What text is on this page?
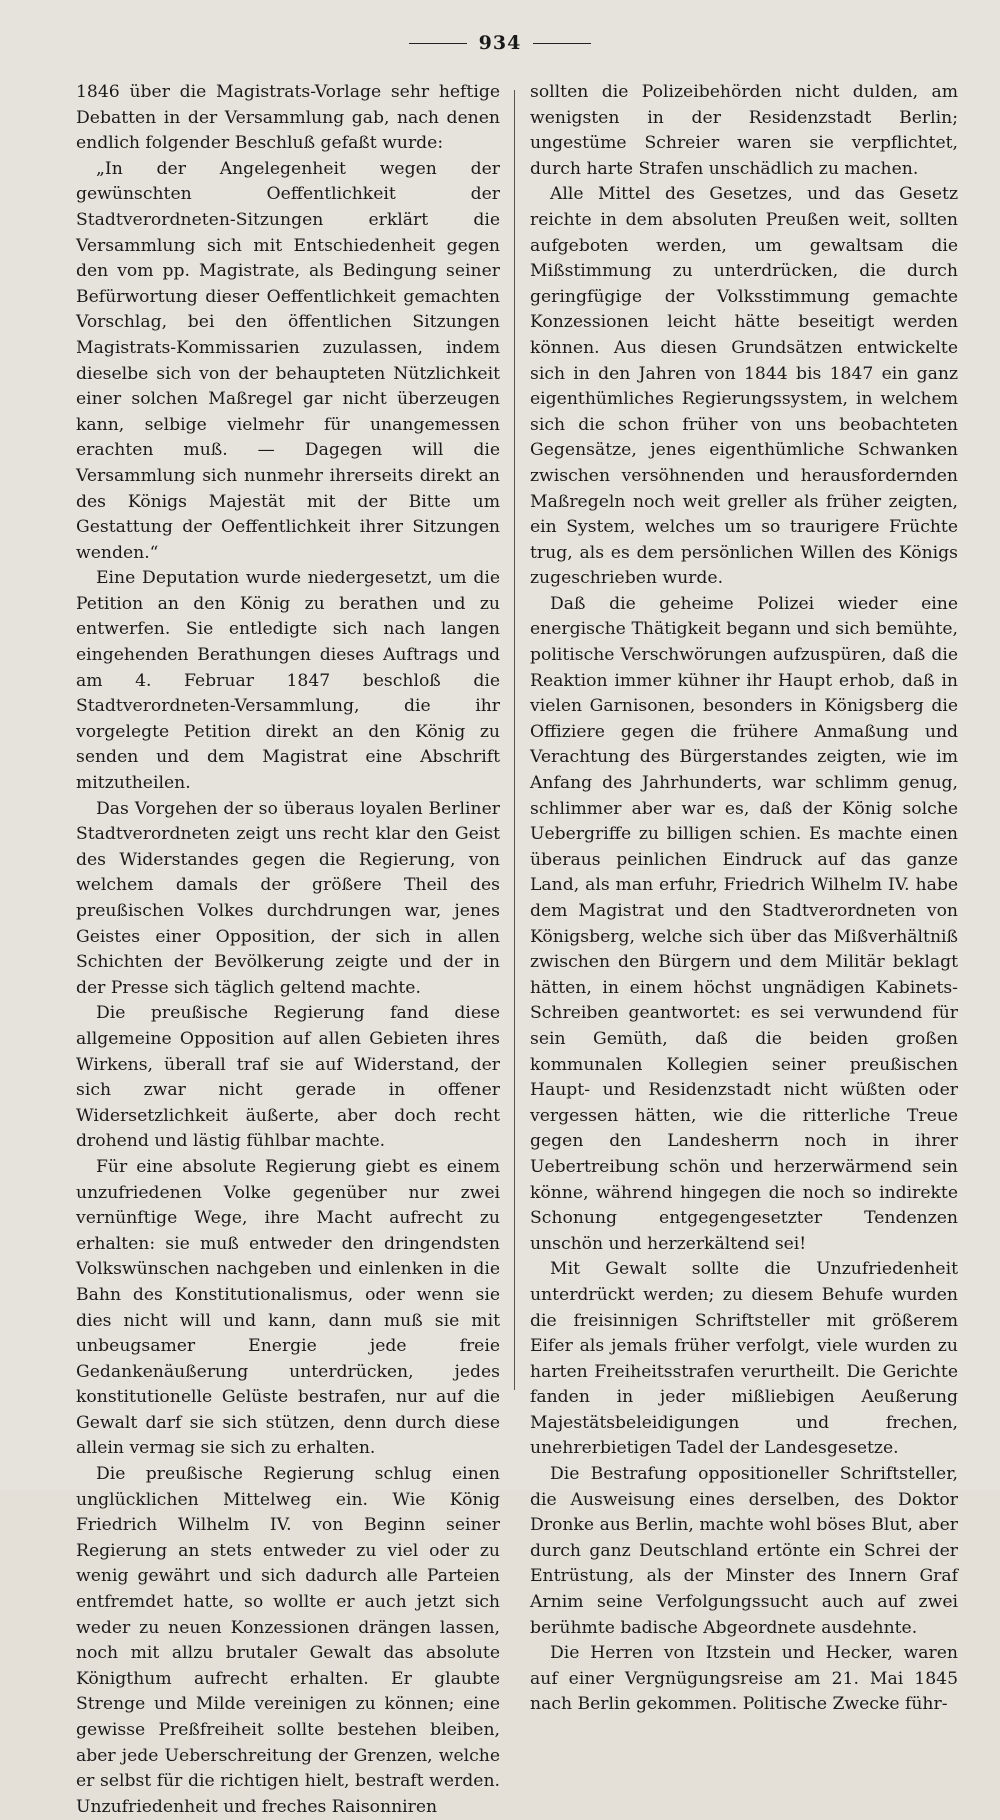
934

1846 über die Magistrats-Vorlage sehr heftige Debatten in der Versammlung gab, nach denen endlich folgender Beschluß gefaßt wurde:

„In der Angelegenheit wegen der gewünschten Oeffentlichkeit der Stadtverordneten-Sitzungen erklärt die Versammlung sich mit Entschiedenheit gegen den vom pp. Magistrate, als Bedingung seiner Befürwortung dieser Oeffentlichkeit gemachten Vorschlag, bei den öffentlichen Sitzungen Magistrats-Kommissarien zuzulassen, indem dieselbe sich von der behaupteten Nützlichkeit einer solchen Maßregel gar nicht überzeugen kann, selbige vielmehr für unangemessen erachten muß. — Dagegen will die Versammlung sich nunmehr ihrerseits direkt an des Königs Majestät mit der Bitte um Gestattung der Oeffentlichkeit ihrer Sitzungen wenden.“

Eine Deputation wurde niedergesetzt, um die Petition an den König zu berathen und zu entwerfen. Sie entledigte sich nach langen eingehenden Berathungen dieses Auftrags und am 4. Februar 1847 beschloß die Stadtverordneten-Versammlung, die ihr vorgelegte Petition direkt an den König zu senden und dem Magistrat eine Abschrift mitzutheilen.

Das Vorgehen der so überaus loyalen Berliner Stadtverordneten zeigt uns recht klar den Geist des Widerstandes gegen die Regierung, von welchem damals der größere Theil des preußischen Volkes durchdrungen war, jenes Geistes einer Opposition, der sich in allen Schichten der Bevölkerung zeigte und der in der Presse sich täglich geltend machte.

Die preußische Regierung fand diese allgemeine Opposition auf allen Gebieten ihres Wirkens, überall traf sie auf Widerstand, der sich zwar nicht gerade in offener Widersetzlichkeit äußerte, aber doch recht drohend und lästig fühlbar machte.

Für eine absolute Regierung giebt es einem unzufriedenen Volke gegenüber nur zwei vernünftige Wege, ihre Macht aufrecht zu erhalten: sie muß entweder den dringendsten Volkswünschen nachgeben und einlenken in die Bahn des Konstitutionalismus, oder wenn sie dies nicht will und kann, dann muß sie mit unbeugsamer Energie jede freie Gedankenäußerung unterdrücken, jedes konstitutionelle Gelüste bestrafen, nur auf die Gewalt darf sie sich stützen, denn durch diese allein vermag sie sich zu erhalten.

Die preußische Regierung schlug einen unglücklichen Mittelweg ein. Wie König Friedrich Wilhelm IV. von Beginn seiner Regierung an stets entweder zu viel oder zu wenig gewährt und sich dadurch alle Parteien entfremdet hatte, so wollte er auch jetzt sich weder zu neuen Konzessionen drängen lassen, noch mit allzu brutaler Gewalt das absolute Königthum aufrecht erhalten. Er glaubte Strenge und Milde vereinigen zu können; eine gewisse Preßfreiheit sollte bestehen bleiben, aber jede Ueberschreitung der Grenzen, welche er selbst für die richtigen hielt, bestraft werden. Unzufriedenheit und freches Raisonniren

sollten die Polizeibehörden nicht dulden, am wenigsten in der Residenzstadt Berlin; ungestüme Schreier waren sie verpflichtet, durch harte Strafen unschädlich zu machen.

Alle Mittel des Gesetzes, und das Gesetz reichte in dem absoluten Preußen weit, sollten aufgeboten werden, um gewaltsam die Mißstimmung zu unterdrücken, die durch geringfügige der Volksstimmung gemachte Konzessionen leicht hätte beseitigt werden können. Aus diesen Grundsätzen entwickelte sich in den Jahren von 1844 bis 1847 ein ganz eigenthümliches Regierungssystem, in welchem sich die schon früher von uns beobachteten Gegensätze, jenes eigenthümliche Schwanken zwischen versöhnenden und herausfordernden Maßregeln noch weit greller als früher zeigten, ein System, welches um so traurigere Früchte trug, als es dem persönlichen Willen des Königs zugeschrieben wurde.

Daß die geheime Polizei wieder eine energische Thätigkeit begann und sich bemühte, politische Verschwörungen aufzuspüren, daß die Reaktion immer kühner ihr Haupt erhob, daß in vielen Garnisonen, besonders in Königsberg die Offiziere gegen die frühere Anmaßung und Verachtung des Bürgerstandes zeigten, wie im Anfang des Jahrhunderts, war schlimm genug, schlimmer aber war es, daß der König solche Uebergriffe zu billigen schien. Es machte einen überaus peinlichen Eindruck auf das ganze Land, als man erfuhr, Friedrich Wilhelm IV. habe dem Magistrat und den Stadtverordneten von Königsberg, welche sich über das Mißverhältniß zwischen den Bürgern und dem Militär beklagt hätten, in einem höchst ungnädigen Kabinets-Schreiben geantwortet: es sei verwundend für sein Gemüth, daß die beiden großen kommunalen Kollegien seiner preußischen Haupt- und Residenzstadt nicht wüßten oder vergessen hätten, wie die ritterliche Treue gegen den Landesherrn noch in ihrer Uebertreibung schön und herzerwärmend sein könne, während hingegen die noch so indirekte Schonung entgegengesetzter Tendenzen unschön und herzerkältend sei!

Mit Gewalt sollte die Unzufriedenheit unterdrückt werden; zu diesem Behufe wurden die freisinnigen Schriftsteller mit größerem Eifer als jemals früher verfolgt, viele wurden zu harten Freiheitsstrafen verurtheilt. Die Gerichte fanden in jeder mißliebigen Aeußerung Majestätsbeleidigungen und frechen, unehrerbietigen Tadel der Landesgesetze.

Die Bestrafung oppositioneller Schriftsteller, die Ausweisung eines derselben, des Doktor Dronke aus Berlin, machte wohl böses Blut, aber durch ganz Deutschland ertönte ein Schrei der Entrüstung, als der Minster des Innern Graf Arnim seine Verfolgungssucht auch auf zwei berühmte badische Abgeordnete ausdehnte.

Die Herren von Itzstein und Hecker, waren auf einer Vergnügungsreise am 21. Mai 1845 nach Berlin gekommen. Politische Zwecke führ-
